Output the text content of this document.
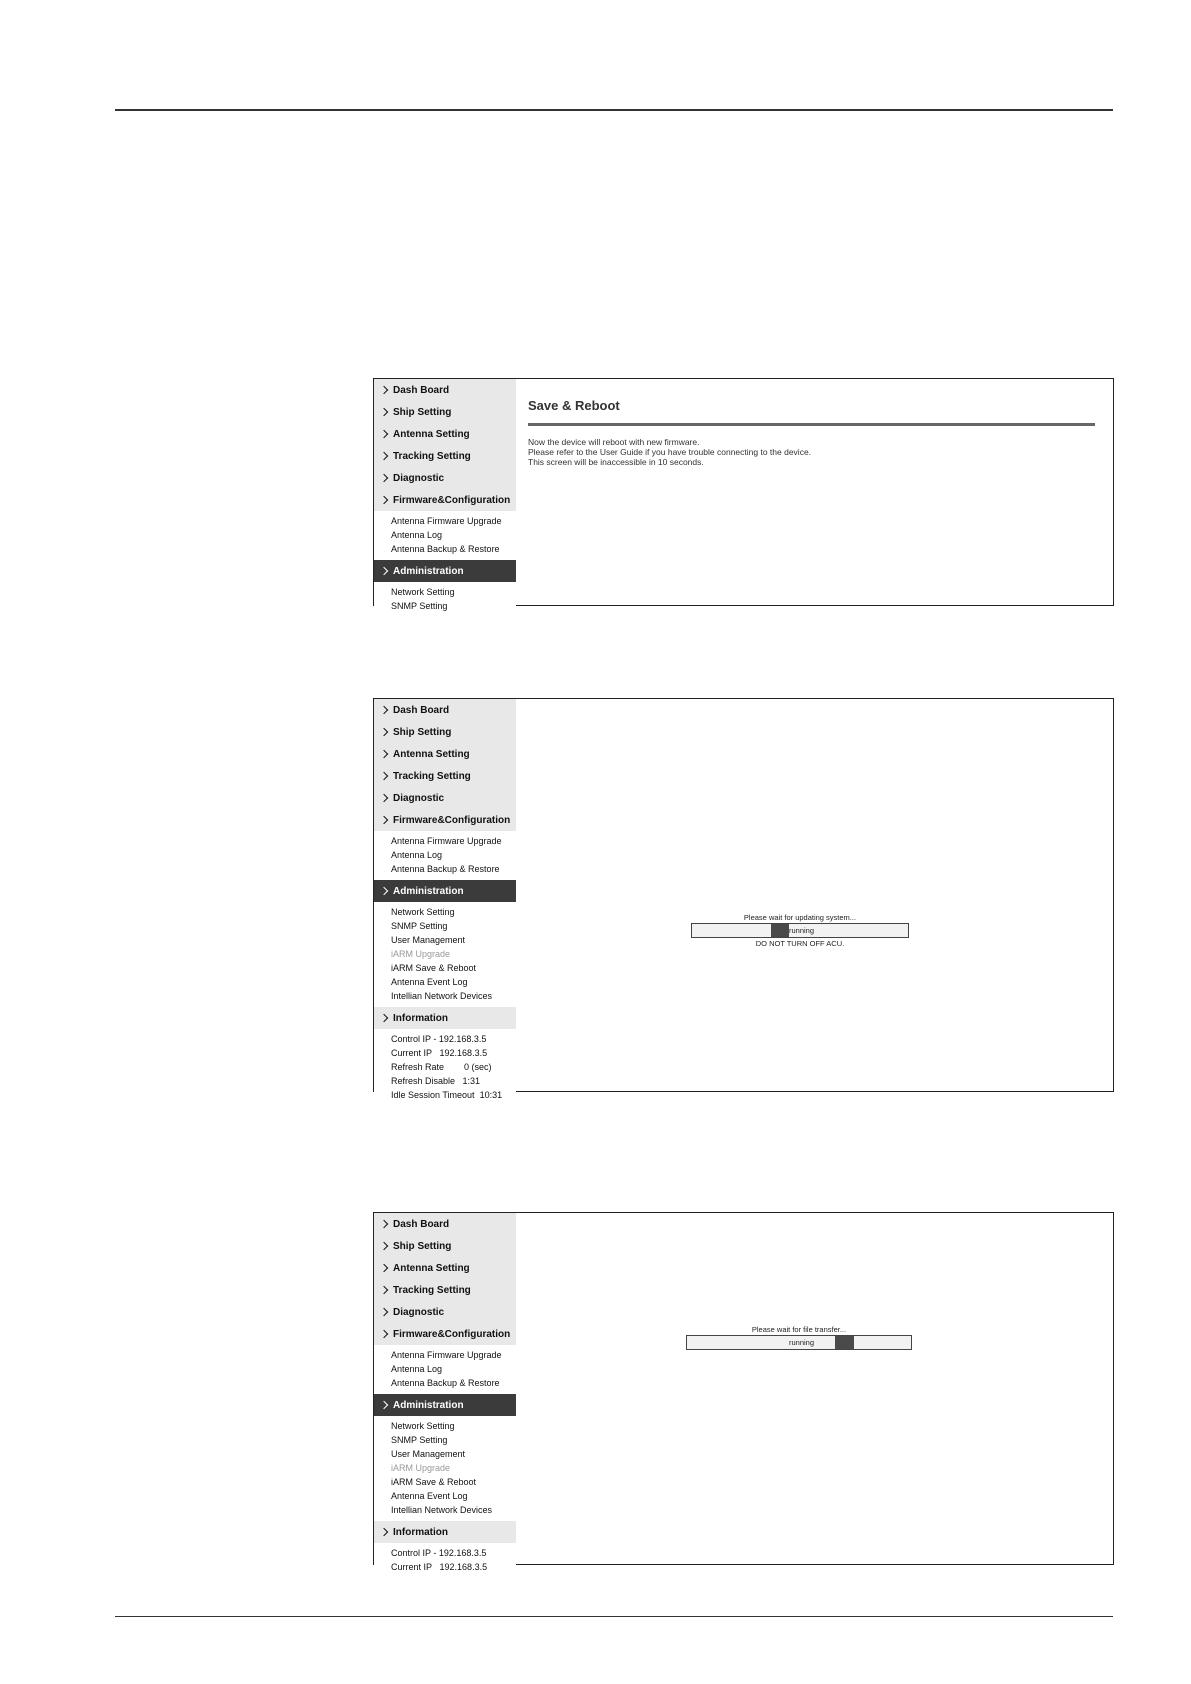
Dash Board
Ship Setting
Antenna Setting
Tracking Setting
Diagnostic
Firmware&Configuration
Antenna Firmware Upgrade
Antenna Log
Antenna Backup & Restore
Administration
Network Setting
SNMP Setting
Save & Reboot
Now the device will reboot with new firmware.
Please refer to the User Guide if you have trouble connecting to the device.
This screen will be inaccessible in 10 seconds.
Dash Board
Ship Setting
Antenna Setting
Tracking Setting
Diagnostic
Firmware&Configuration
Antenna Firmware Upgrade
Antenna Log
Antenna Backup & Restore
Administration
Network Setting
SNMP Setting
User Management
iARM Upgrade
iARM Save & Reboot
Antenna Event Log
Intellian Network Devices
Information
Control IP - 192.168.3.5
Current IP 192.168.3.5
Refresh Rate 0 (sec)
Refresh Disable 1:31
Idle Session Timeout 10:31
Please wait for updating system...
running
DO NOT TURN OFF ACU.
Dash Board
Ship Setting
Antenna Setting
Tracking Setting
Diagnostic
Firmware&Configuration
Antenna Firmware Upgrade
Antenna Log
Antenna Backup & Restore
Administration
Network Setting
SNMP Setting
User Management
iARM Upgrade
iARM Save & Reboot
Antenna Event Log
Intellian Network Devices
Information
Control IP - 192.168.3.5
Current IP 192.168.3.5
Please wait for file transfer...
running
